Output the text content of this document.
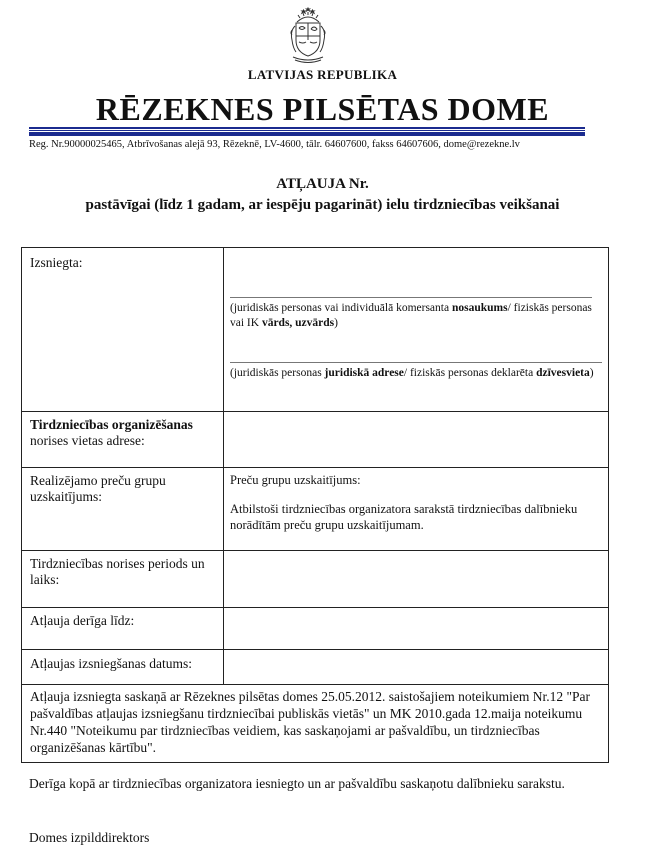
LATVIJAS REPUBLIKA
RĒZEKNES PILSĒTAS DOME
Reg. Nr.90000025465, Atbrīvošanas alejā 93, Rēzeknē, LV-4600, tālr. 64607600, fakss 64607606, dome@rezekne.lv
ATĻAUJA Nr.
pastāvīgai (līdz 1 gadam, ar iespēju pagarināt) ielu tirdzniecības veikšanai
Izsniegta:
(juridiskās personas vai individuālā komersanta nosaukums/ fiziskās personas vai IK vārds, uzvārds)
(juridiskās personas juridiskā adrese/ fiziskās personas deklarēta dzīvesvieta)
Tirdzniecības organizēšanas
norises vietas adrese:
Realizējamo preču grupu uzskaitījums:
Preču grupu uzskaitījums:
Atbilstoši tirdzniecības organizatora sarakstā tirdzniecības dalībnieku norādītām preču grupu uzskaitījumam.
Tirdzniecības norises periods un laiks:
Atļauja derīga līdz:
Atļaujas izsniegšanas datums:
Atļauja izsniegta saskaņā ar Rēzeknes pilsētas domes 25.05.2012. saistošajiem noteikumiem Nr.12 "Par pašvaldības atļaujas izsniegšanu tirdzniecībai publiskās vietās" un MK 2010.gada 12.maija noteikumu Nr.440 "Noteikumu par tirdzniecības veidiem, kas saskaņojami ar pašvaldību, un tirdzniecības organizēšanas kārtību".
Derīga kopā ar tirdzniecības organizatora iesniegto un ar pašvaldību saskaņotu dalībnieku sarakstu.
Domes izpilddirektors
